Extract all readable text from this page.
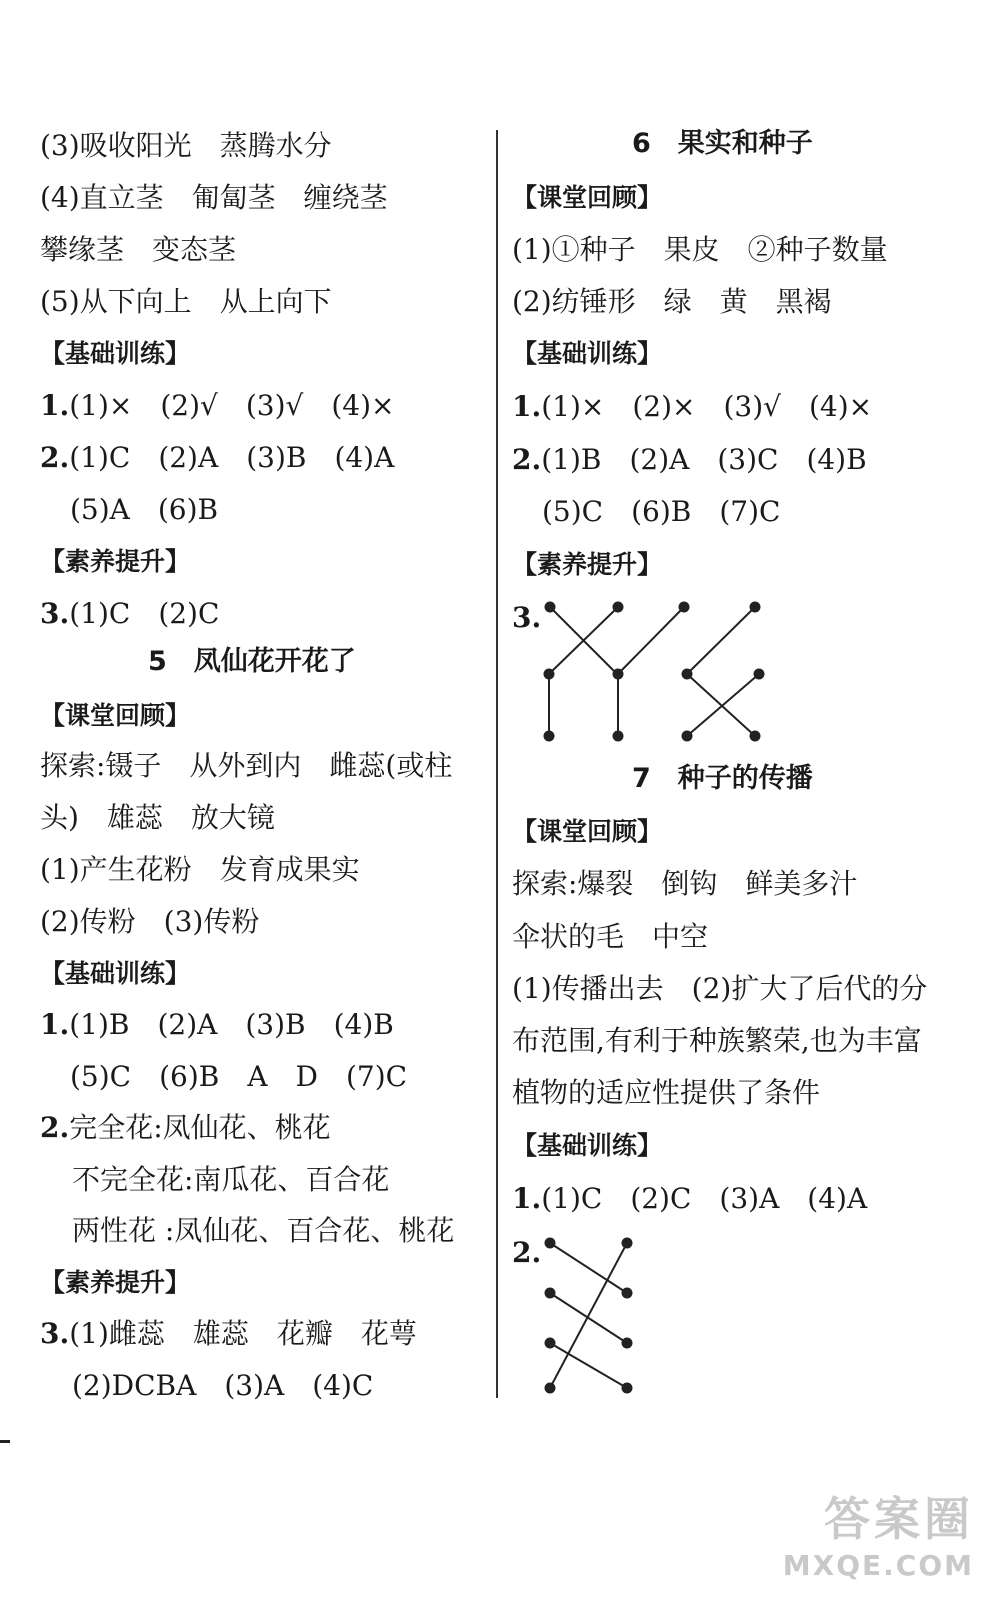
(3)吸收阳光　蒸腾水分
(4)直立茎　匍匐茎　缠绕茎
攀缘茎　变态茎
(5)从下向上　从上向下
【基础训练】
1.(1)×　(2)√　(3)√　(4)×
2.(1)C　(2)A　(3)B　(4)A
(5)A　(6)B
【素养提升】
3.(1)C　(2)C
5　凤仙花开花了
【课堂回顾】
探索:镊子　从外到内　雌蕊(或柱
头)　雄蕊　放大镜
(1)产生花粉　发育成果实
(2)传粉　(3)传粉
【基础训练】
1.(1)B　(2)A　(3)B　(4)B
(5)C　(6)B　A　D　(7)C
2.完全花:凤仙花、桃花
不完全花:南瓜花、百合花
两性花 :凤仙花、百合花、桃花
【素养提升】
3.(1)雌蕊　雄蕊　花瓣　花萼
(2)DCBA　(3)A　(4)C
6　果实和种子
【课堂回顾】
(1)①种子　果皮　②种子数量
(2)纺锤形　绿　黄　黑褐
【基础训练】
1.(1)×　(2)×　(3)√　(4)×
2.(1)B　(2)A　(3)C　(4)B
(5)C　(6)B　(7)C
【素养提升】
3.
7　种子的传播
【课堂回顾】
探索:爆裂　倒钩　鲜美多汁
伞状的毛　中空
(1)传播出去　(2)扩大了后代的分
布范围,有利于种族繁荣,也为丰富
植物的适应性提供了条件
【基础训练】
1.(1)C　(2)C　(3)A　(4)A
2.
答案圈
MXQE.COM
